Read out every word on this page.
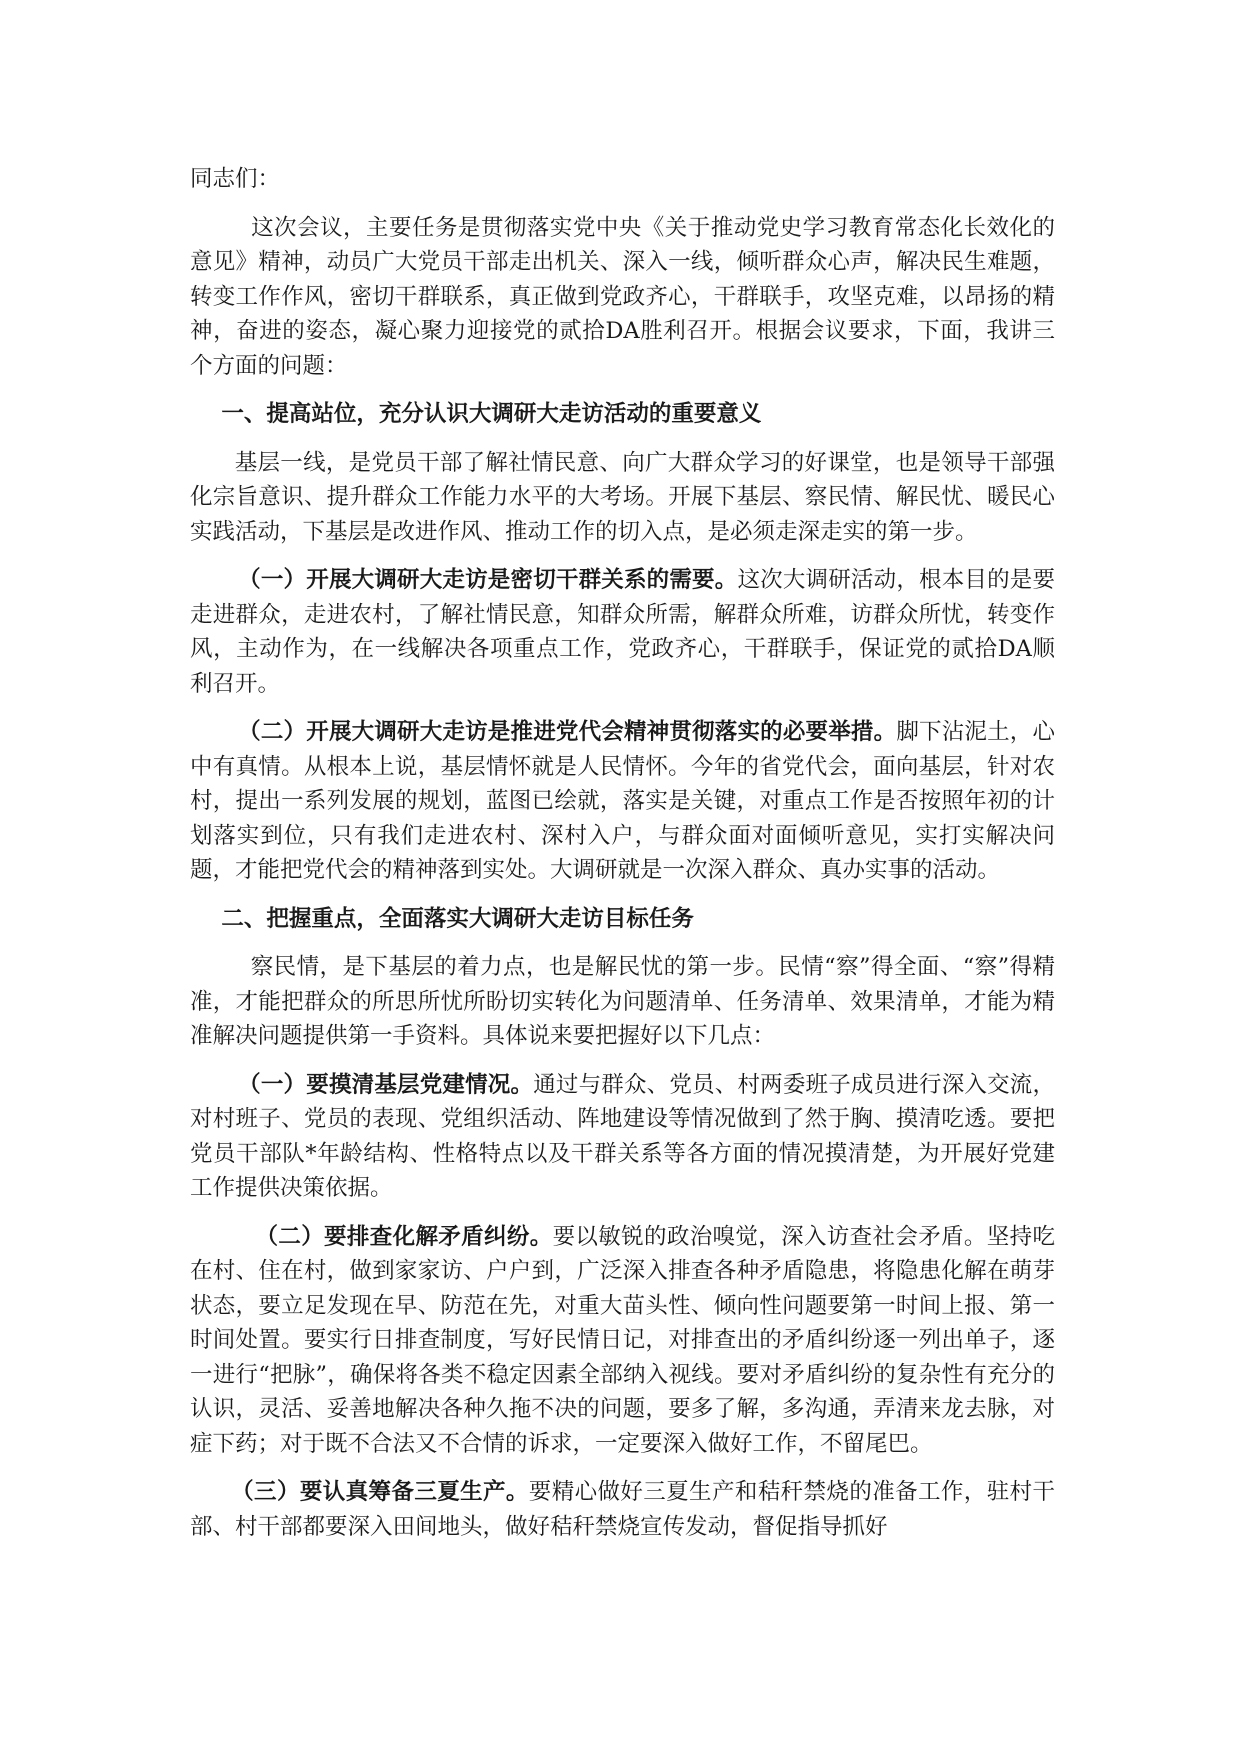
同志们：

这次会议，主要任务是贯彻落实党中央《关于推动党史学习教育常态化长效化的意见》精神，动员广大党员干部走出机关、深入一线，倾听群众心声，解决民生难题，转变工作作风，密切干群联系，真正做到党政齐心，干群联手，攻坚克难，以昂扬的精神，奋进的姿态，凝心聚力迎接党的贰拾DA胜利召开。根据会议要求，下面，我讲三个方面的问题：

一、提高站位，充分认识大调研大走访活动的重要意义

基层一线，是党员干部了解社情民意、向广大群众学习的好课堂，也是领导干部强化宗旨意识、提升群众工作能力水平的大考场。开展下基层、察民情、解民忧、暖民心实践活动，下基层是改进作风、推动工作的切入点，是必须走深走实的第一步。

（一）开展大调研大走访是密切干群关系的需要。这次大调研活动，根本目的是要走进群众，走进农村，了解社情民意，知群众所需，解群众所难，访群众所忧，转变作风，主动作为，在一线解决各项重点工作，党政齐心，干群联手，保证党的贰拾DA顺利召开。

（二）开展大调研大走访是推进党代会精神贯彻落实的必要举措。脚下沾泥土，心中有真情。从根本上说，基层情怀就是人民情怀。今年的省党代会，面向基层，针对农村，提出一系列发展的规划，蓝图已绘就，落实是关键，对重点工作是否按照年初的计划落实到位，只有我们走进农村、深村入户，与群众面对面倾听意见，实打实解决问题，才能把党代会的精神落到实处。大调研就是一次深入群众、真办实事的活动。

二、把握重点，全面落实大调研大走访目标任务

察民情，是下基层的着力点，也是解民忧的第一步。民情“察”得全面、“察”得精准，才能把群众的所思所忧所盼切实转化为问题清单、任务清单、效果清单，才能为精准解决问题提供第一手资料。具体说来要把握好以下几点：

（一）要摸清基层党建情况。通过与群众、党员、村两委班子成员进行深入交流，对村班子、党员的表现、党组织活动、阵地建设等情况做到了然于胸、摸清吃透。要把党员干部队*年龄结构、性格特点以及干群关系等各方面的情况摸清楚，为开展好党建工作提供决策依据。

（二）要排查化解矛盾纠纷。要以敏锐的政治嗅觉，深入访查社会矛盾。坚持吃在村、住在村，做到家家访、户户到，广泛深入排查各种矛盾隐患，将隐患化解在萌芽状态，要立足发现在早、防范在先，对重大苗头性、倾向性问题要第一时间上报、第一时间处置。要实行日排查制度，写好民情日记，对排查出的矛盾纠纷逐一列出单子，逐一进行“把脉”，确保将各类不稳定因素全部纳入视线。要对矛盾纠纷的复杂性有充分的认识，灵活、妥善地解决各种久拖不决的问题，要多了解，多沟通，弄清来龙去脉，对症下药；对于既不合法又不合情的诉求，一定要深入做好工作，不留尾巴。

（三）要认真筹备三夏生产。要精心做好三夏生产和秸秆禁烧的准备工作，驻村干部、村干部都要深入田间地头，做好秸秆禁烧宣传发动，督促指导抓好
